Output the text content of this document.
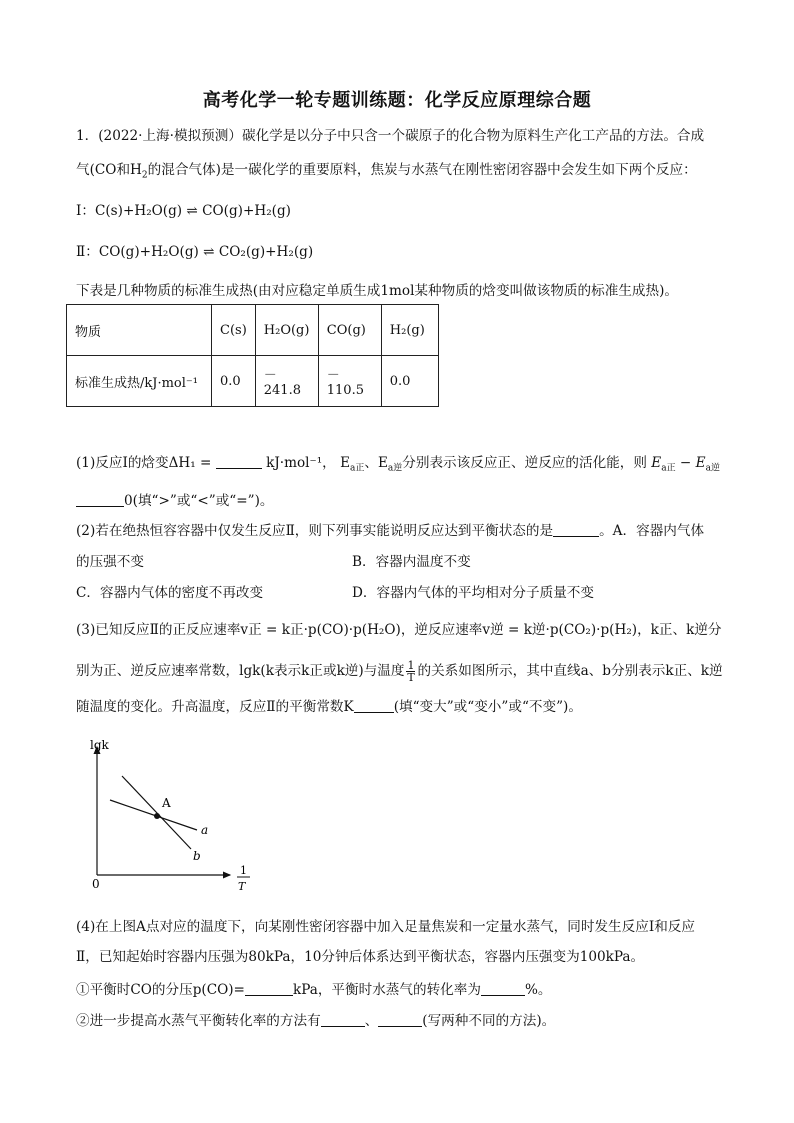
高考化学一轮专题训练题：化学反应原理综合题
1．(2022·上海·模拟预测）碳化学是以分子中只含一个碳原子的化合物为原料生产化工产品的方法。合成
气(CO和$H_2$的混合气体)是一碳化学的重要原料，焦炭与水蒸气在刚性密闭容器中会发生如下两个反应：
Ⅰ：C(s)+H₂O(g) ⇌ CO(g)+H₂(g)
Ⅱ：CO(g)+H₂O(g) ⇌ CO₂(g)+H₂(g)
下表是几种物质的标准生成热(由对应稳定单质生成1mol某种物质的焓变叫做该物质的标准生成热)。
物质	C(s)	H₂O(g)	CO(g)	H₂(g)
标准生成热/kJ·mol⁻¹	0.0	－241.8	－110.5	0.0
(1)反应Ⅰ的焓变ΔH₁ =	kJ·mol⁻¹， $E_{a正}$、$E_{a逆}$分别表示该反应正、逆反应的活化能，则 $E_{a正} - E_{a逆}$
0(填“>”或“<”或“=”)。
(2)若在绝热恒容容器中仅发生反应Ⅱ，则下列事实能说明反应达到平衡状态的是	。A．容器内气体
的压强不变	B．容器内温度不变
C．容器内气体的密度不再改变	D．容器内气体的平均相对分子质量不变
(3)已知反应Ⅱ的正反应速率v正 = k正·p(CO)·p(H₂O)，逆反应速率v逆 = k逆·p(CO₂)·p(H₂)，k正、k逆分
别为正、逆反应速率常数，lgk(k表示k正或k逆)与温度 $\frac{1}{T}$ 的关系如图所示，其中直线a、b分别表示k正、k逆
随温度的变化。升高温度，反应Ⅱ的平衡常数K	(填“变大”或“变小”或“不变”)。
A
a
b
lgk
0
1
T
(4)在上图A点对应的温度下，向某刚性密闭容器中加入足量焦炭和一定量水蒸气，同时发生反应Ⅰ和反应
Ⅱ，已知起始时容器内压强为80kPa，10分钟后体系达到平衡状态，容器内压强变为100kPa。
①平衡时CO的分压p(CO)=	kPa，平衡时水蒸气的转化率为	%。
②进一步提高水蒸气平衡转化率的方法有	、	(写两种不同的方法)。
